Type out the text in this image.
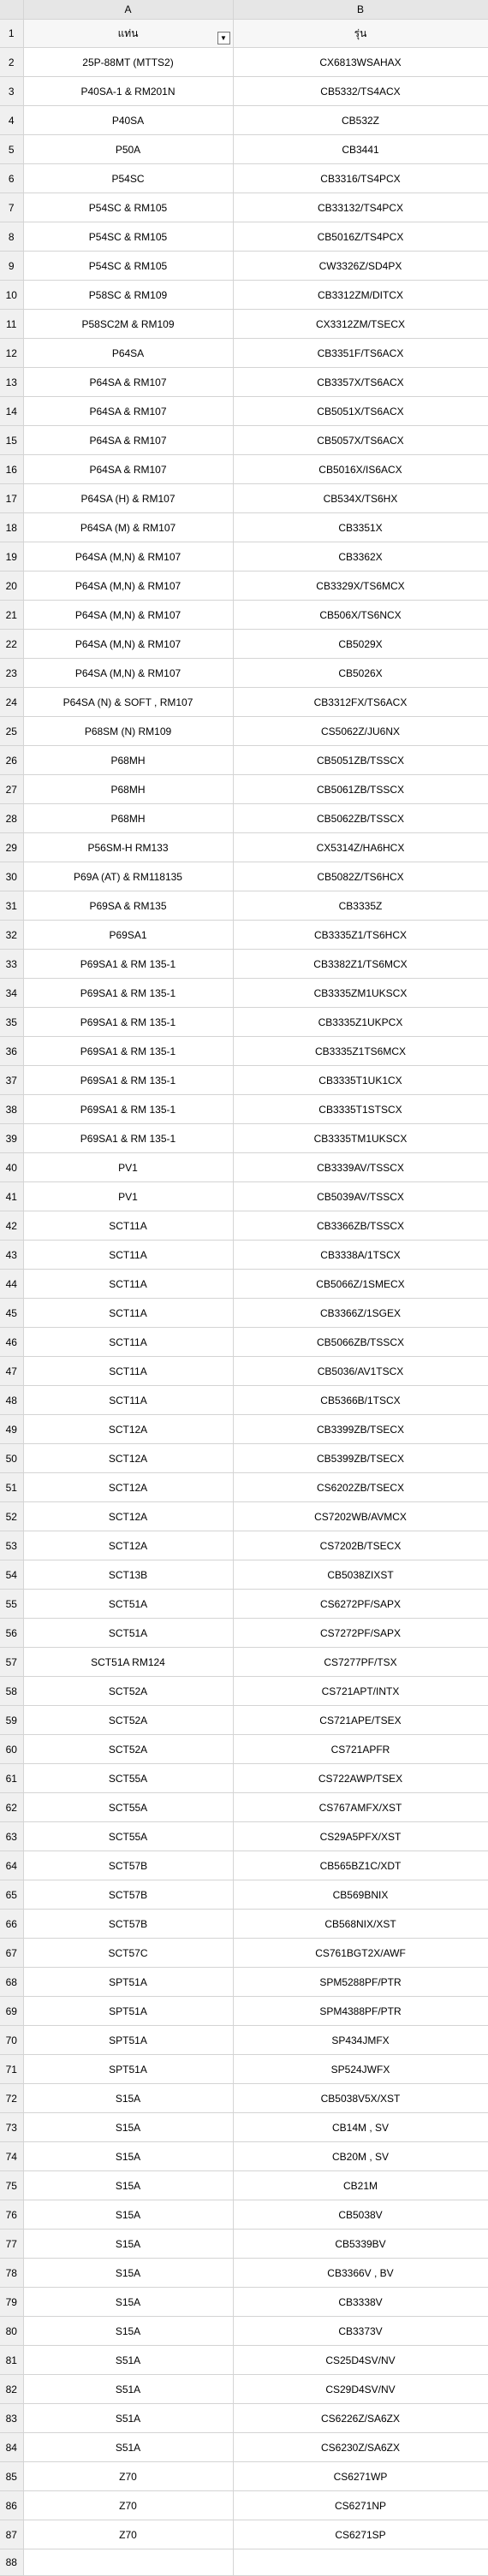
	A	B
1	แท่น ▼	รุ่น
2	25P-88MT (MTTS2)	CX6813WSAHAX
3	P40SA-1 & RM201N	CB5332/TS4ACX
4	P40SA	CB532Z
5	P50A	CB3441
6	P54SC	CB3316/TS4PCX
7	P54SC & RM105	CB33132/TS4PCX
8	P54SC & RM105	CB5016Z/TS4PCX
9	P54SC & RM105	CW3326Z/SD4PX
10	P58SC & RM109	CB3312ZM/DITCX
11	P58SC2M & RM109	CX3312ZM/TSECX
12	P64SA	CB3351F/TS6ACX
13	P64SA & RM107	CB3357X/TS6ACX
14	P64SA & RM107	CB5051X/TS6ACX
15	P64SA & RM107	CB5057X/TS6ACX
16	P64SA & RM107	CB5016X/IS6ACX
17	P64SA (H) & RM107	CB534X/TS6HX
18	P64SA (M) & RM107	CB3351X
19	P64SA (M,N) & RM107	CB3362X
20	P64SA (M,N) & RM107	CB3329X/TS6MCX
21	P64SA (M,N) & RM107	CB506X/TS6NCX
22	P64SA (M,N) & RM107	CB5029X
23	P64SA (M,N) & RM107	CB5026X
24	P64SA (N) & SOFT , RM107	CB3312FX/TS6ACX
25	P68SM (N) RM109	CS5062Z/JU6NX
26	P68MH	CB5051ZB/TSSCX
27	P68MH	CB5061ZB/TSSCX
28	P68MH	CB5062ZB/TSSCX
29	P56SM-H RM133	CX5314Z/HA6HCX
30	P69A (AT) & RM118135	CB5082Z/TS6HCX
31	P69SA & RM135	CB3335Z
32	P69SA1	CB3335Z1/TS6HCX
33	P69SA1 & RM 135-1	CB3382Z1/TS6MCX
34	P69SA1 & RM 135-1	CB3335ZM1UKSCX
35	P69SA1 & RM 135-1	CB3335Z1UKPCX
36	P69SA1 & RM 135-1	CB3335Z1TS6MCX
37	P69SA1 & RM 135-1	CB3335T1UK1CX
38	P69SA1 & RM 135-1	CB3335T1STSCX
39	P69SA1 & RM 135-1	CB3335TM1UKSCX
40	PV1	CB3339AV/TSSCX
41	PV1	CB5039AV/TSSCX
42	SCT11A	CB3366ZB/TSSCX
43	SCT11A	CB3338A/1TSCX
44	SCT11A	CB5066Z/1SMECX
45	SCT11A	CB3366Z/1SGEX
46	SCT11A	CB5066ZB/TSSCX
47	SCT11A	CB5036/AV1TSCX
48	SCT11A	CB5366B/1TSCX
49	SCT12A	CB3399ZB/TSECX
50	SCT12A	CB5399ZB/TSECX
51	SCT12A	CS6202ZB/TSECX
52	SCT12A	CS7202WB/AVMCX
53	SCT12A	CS7202B/TSECX
54	SCT13B	CB5038ZIXST
55	SCT51A	CS6272PF/SAPX
56	SCT51A	CS7272PF/SAPX
57	SCT51A RM124	CS7277PF/TSX
58	SCT52A	CS721APT/INTX
59	SCT52A	CS721APE/TSEX
60	SCT52A	CS721APFR
61	SCT55A	CS722AWP/TSEX
62	SCT55A	CS767AMFX/XST
63	SCT55A	CS29A5PFX/XST
64	SCT57B	CB565BZ1C/XDT
65	SCT57B	CB569BNIX
66	SCT57B	CB568NIX/XST
67	SCT57C	CS761BGT2X/AWF
68	SPT51A	SPM5288PF/PTR
69	SPT51A	SPM4388PF/PTR
70	SPT51A	SP434JMFX
71	SPT51A	SP524JWFX
72	S15A	CB5038V5X/XST
73	S15A	CB14M , SV
74	S15A	CB20M , SV
75	S15A	CB21M
76	S15A	CB5038V
77	S15A	CB5339BV
78	S15A	CB3366V , BV
79	S15A	CB3338V
80	S15A	CB3373V
81	S51A	CS25D4SV/NV
82	S51A	CS29D4SV/NV
83	S51A	CS6226Z/SA6ZX
84	S51A	CS6230Z/SA6ZX
85	Z70	CS6271WP
86	Z70	CS6271NP
87	Z70	CS6271SP
88		
